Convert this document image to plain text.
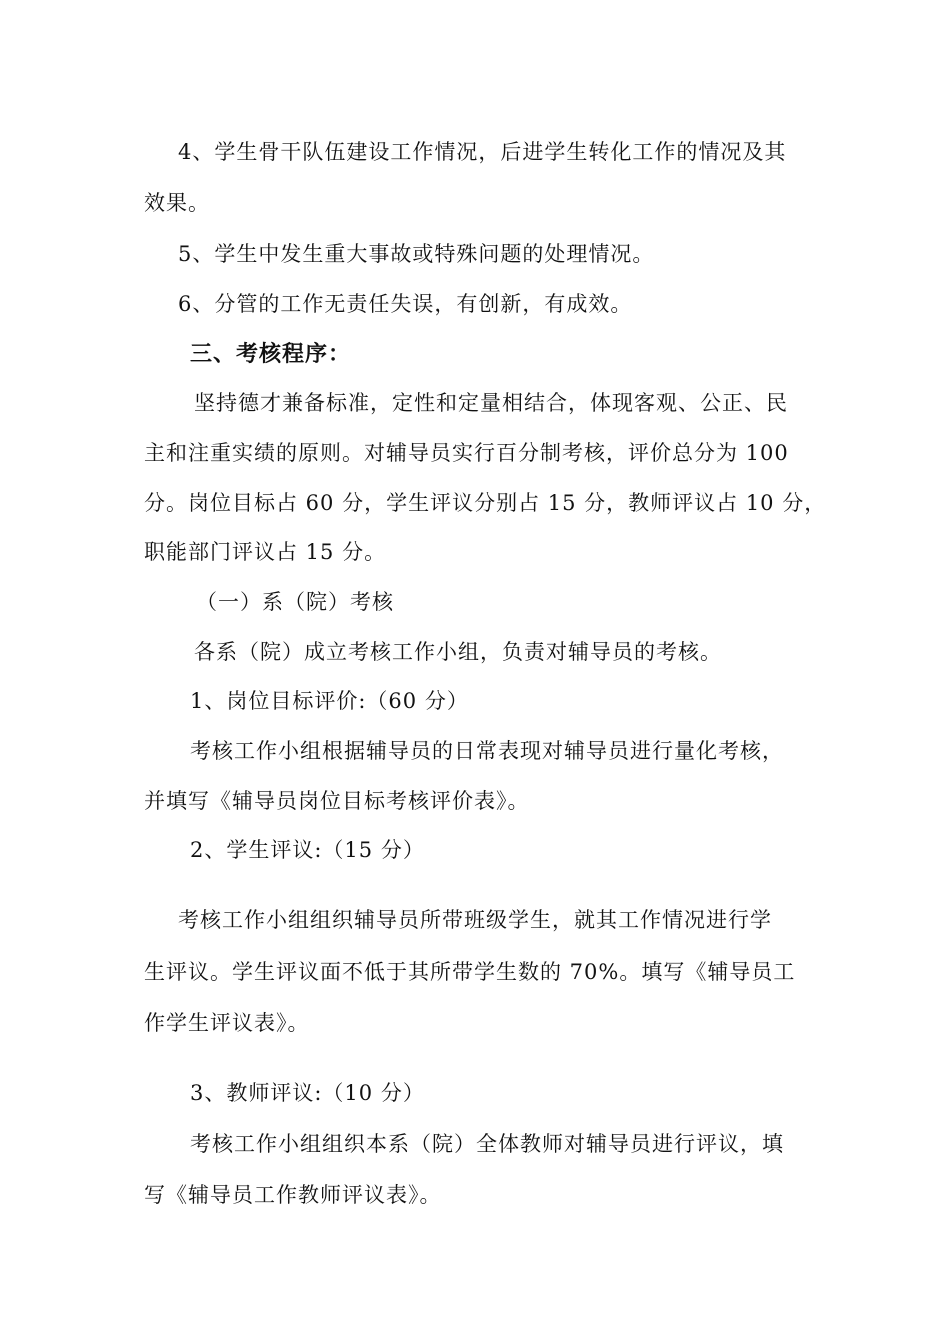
4、学生骨干队伍建设工作情况，后进学生转化工作的情况及其
效果。
5、学生中发生重大事故或特殊问题的处理情况。
6、分管的工作无责任失误，有创新，有成效。
三、考核程序：
坚持德才兼备标准，定性和定量相结合，体现客观、公正、民
主和注重实绩的原则。对辅导员实行百分制考核，评价总分为 100
分。岗位目标占 60 分，学生评议分别占 15 分，教师评议占 10 分，
职能部门评议占 15 分。
（一）系（院）考核
各系（院）成立考核工作小组，负责对辅导员的考核。
1、岗位目标评价:（60 分）
考核工作小组根据辅导员的日常表现对辅导员进行量化考核，
并填写《辅导员岗位目标考核评价表》。
2、学生评议:（15 分）
考核工作小组组织辅导员所带班级学生，就其工作情况进行学
生评议。学生评议面不低于其所带学生数的 70%。填写《辅导员工
作学生评议表》。
3、教师评议:（10 分）
考核工作小组组织本系（院）全体教师对辅导员进行评议，填
写《辅导员工作教师评议表》。
